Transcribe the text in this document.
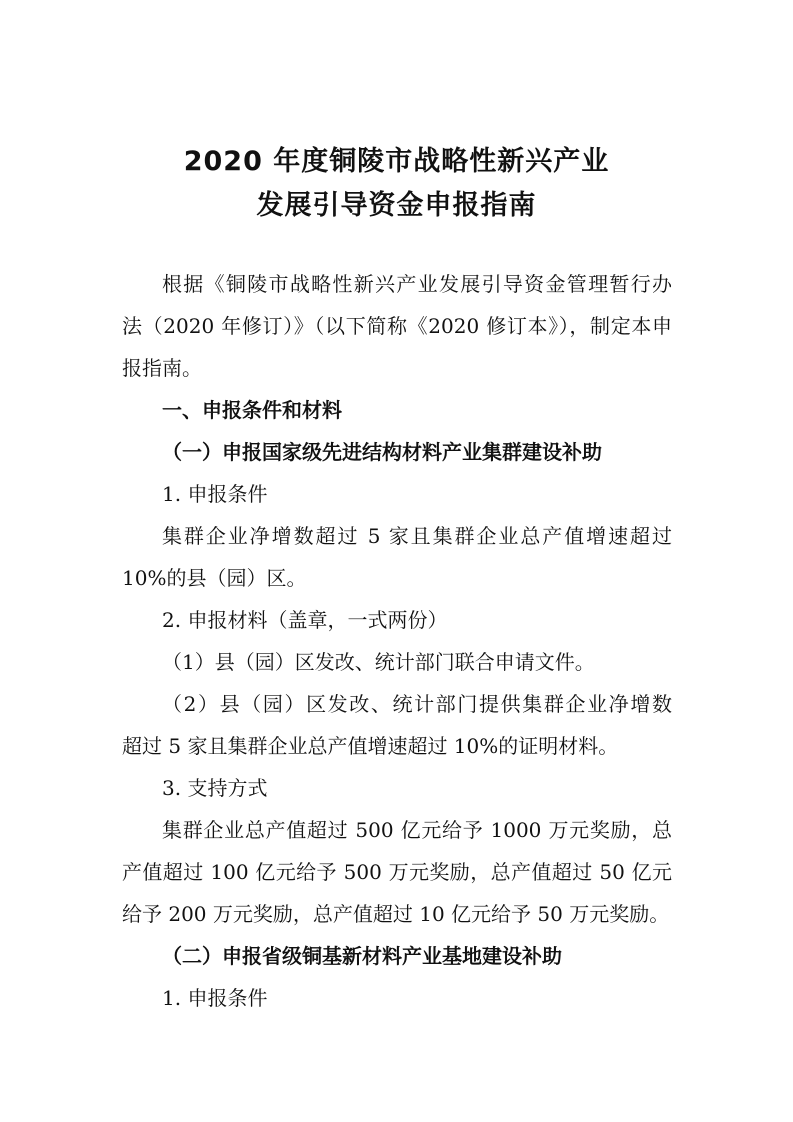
2020 年度铜陵市战略性新兴产业
发展引导资金申报指南
根据《铜陵市战略性新兴产业发展引导资金管理暂行办
法（2020 年修订）》（以下简称《2020 修订本》），制定本申
报指南。
一、申报条件和材料
（一）申报国家级先进结构材料产业集群建设补助
1. 申报条件
集群企业净增数超过 5 家且集群企业总产值增速超过
10%的县（园）区。
2. 申报材料（盖章，一式两份）
（1）县（园）区发改、统计部门联合申请文件。
（2）县（园）区发改、统计部门提供集群企业净增数
超过 5 家且集群企业总产值增速超过 10%的证明材料。
3. 支持方式
集群企业总产值超过 500 亿元给予 1000 万元奖励，总
产值超过 100 亿元给予 500 万元奖励，总产值超过 50 亿元
给予 200 万元奖励，总产值超过 10 亿元给予 50 万元奖励。
（二）申报省级铜基新材料产业基地建设补助
1. 申报条件
